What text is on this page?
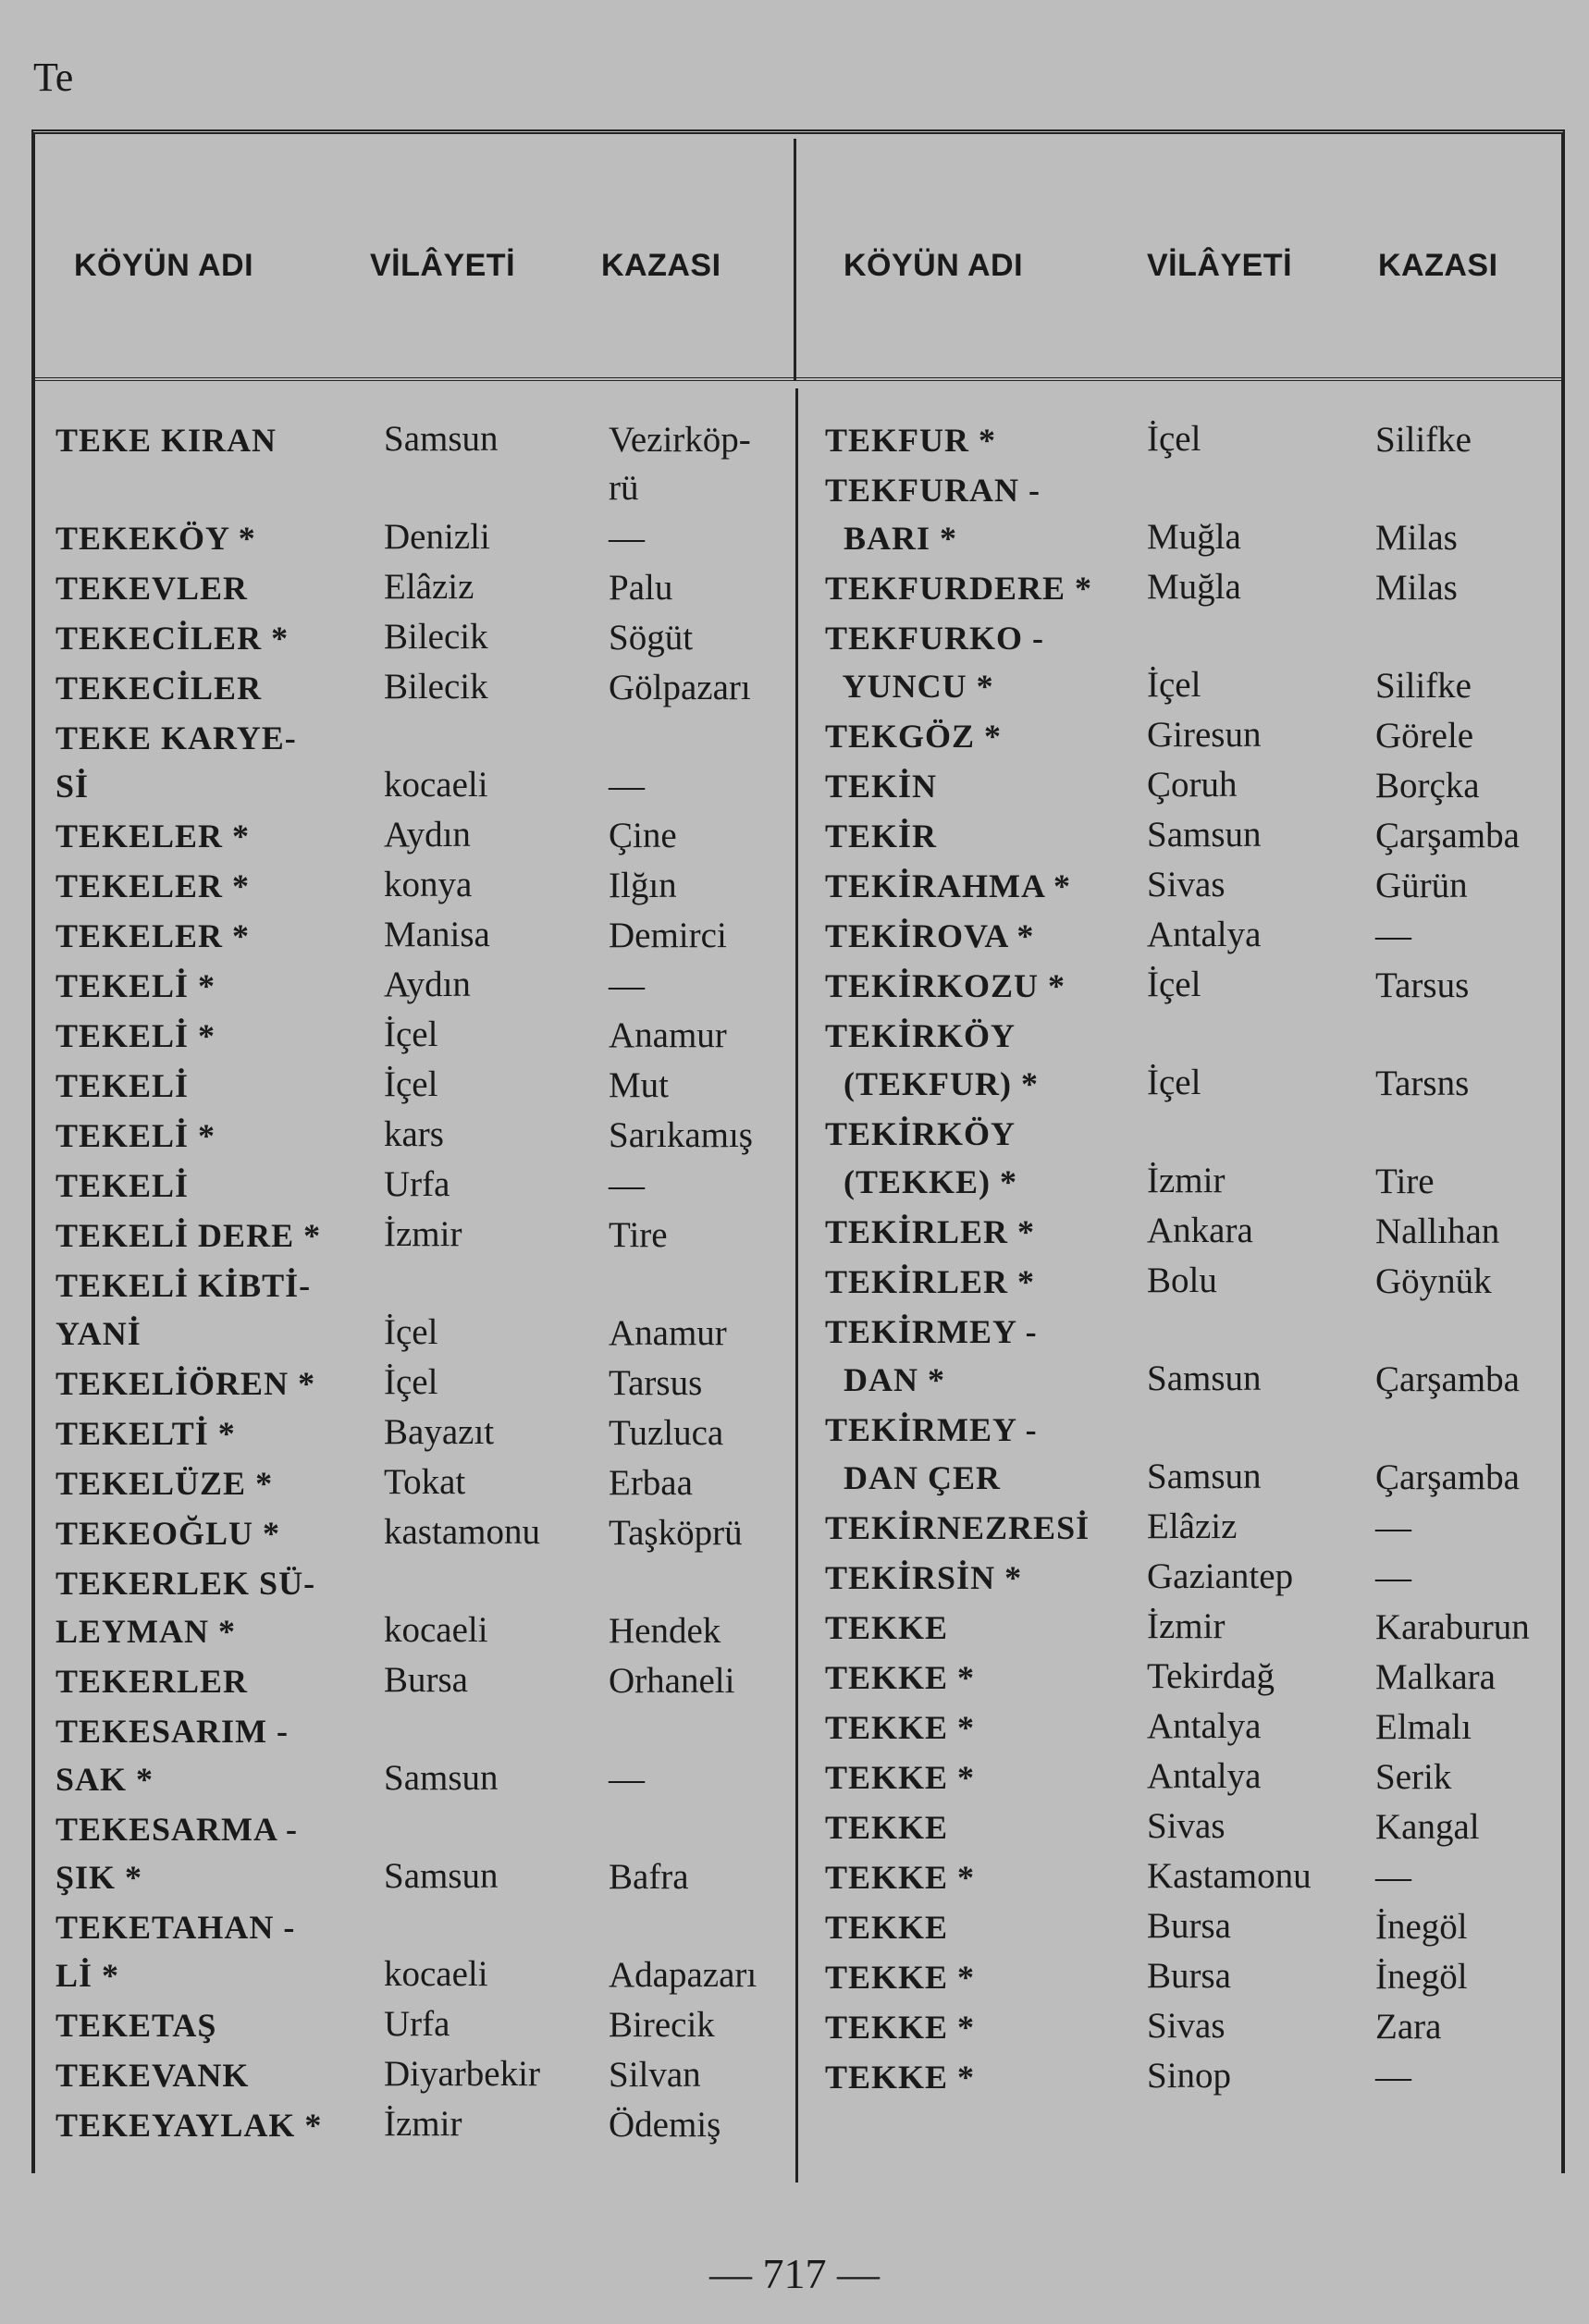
Te
KÖYÜN ADI	VİLÂYETİ	KAZASI	KÖYÜN ADI	VİLÂYETİ	KAZASI
TEKE KIRAN	Samsun	Vezirköp-
rü
TEKEKÖY *	Denizli	—
TEKEVLER	Elâziz	Palu
TEKECİLER *	Bilecik	Sögüt
TEKECİLER	Bilecik	Gölpazarı
TEKE KARYE-
Sİ	kocaeli	—
TEKELER *	Aydın	Çine
TEKELER *	konya	Ilğın
TEKELER *	Manisa	Demirci
TEKELİ *	Aydın	—
TEKELİ *	İçel	Anamur
TEKELİ	İçel	Mut
TEKELİ *	kars	Sarıkamış
TEKELİ	Urfa	—
TEKELİ DERE * İzmir	Tire
TEKELİ KİBTİ-
YANİ	İçel	Anamur
TEKELİÖREN * İçel	Tarsus
TEKELTİ *	Bayazıt	Tuzluca
TEKELÜZE *	Tokat	Erbaa
TEKEOĞLU *	kastamonu Taşköprü
TEKERLEK SÜ-
LEYMAN *	kocaeli	Hendek
TEKERLER	Bursa	Orhaneli
TEKESARIM -
SAK *	Samsun	—
TEKESARMA -
ŞIK *	Samsun	Bafra
TEKETAHAN -
Lİ *	kocaeli	Adapazarı
TEKETAŞ	Urfa	Birecik
TEKEVANK	Diyarbekir Silvan
TEKEYAYLAK * İzmir	Ödemiş
TEKFUR *	İçel	Silifke
TEKFURAN -
BARI *	Muğla	Milas
TEKFURDERE * Muğla	Milas
TEKFURKO -
YUNCU *	İçel	Silifke
TEKGÖZ *	Giresun	Görele
TEKİN	Çoruh	Borçka
TEKİR	Samsun	Çarşamba
TEKİRAHMA * Sivas	Gürün
TEKİROVA *	Antalya	—
TEKİRKOZU * İçel	Tarsus
TEKİRKÖY
(TEKFUR) *	İçel	Tarsns
TEKİRKÖY
(TEKKE) *	İzmir	Tire
TEKİRLER *	Ankara	Nallıhan
TEKİRLER *	Bolu	Göynük
TEKİRMEY -
DAN *	Samsun	Çarşamba
TEKİRMEY -
DAN ÇER	Samsun	Çarşamba
TEKİRNEZRESİ Elâziz	—
TEKİRSİN *	Gaziantep —
TEKKE	İzmir	Karaburun
TEKKE *	Tekirdağ	Malkara
TEKKE *	Antalya	Elmalı
TEKKE *	Antalya	Serik
TEKKE	Sivas	Kangal
TEKKE *	Kastamonu —
TEKKE	Bursa	İnegöl
TEKKE *	Bursa	İnegöl
TEKKE *	Sivas	Zara
TEKKE *	Sinop	—
— 717 —
